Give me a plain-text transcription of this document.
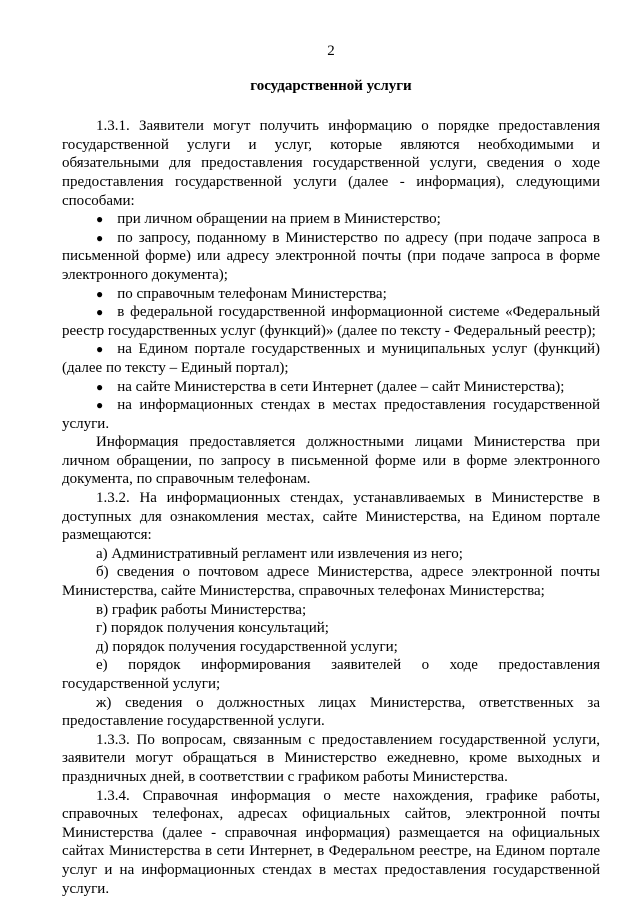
2
государственной услуги

1.3.1. Заявители могут получить информацию о порядке предоставления государственной услуги и услуг, которые являются необходимыми и обязательными для предоставления государственной услуги, сведения о ходе предоставления государственной услуги (далее - информация), следующими способами:

● при личном обращении на прием в Министерство;
● по запросу, поданному в Министерство по адресу (при подаче запроса в письменной форме) или адресу электронной почты (при подаче запроса в форме электронного документа);
● по справочным телефонам Министерства;
● в федеральной государственной информационной системе «Федеральный реестр государственных услуг (функций)» (далее по тексту - Федеральный реестр);
● на Едином портале государственных и муниципальных услуг (функций) (далее по тексту – Единый портал);
● на сайте Министерства в сети Интернет (далее – сайт Министерства);
● на информационных стендах в местах предоставления государственной услуги.

Информация предоставляется должностными лицами Министерства при личном обращении, по запросу в письменной форме или в форме электронного документа, по справочным телефонам.

1.3.2. На информационных стендах, устанавливаемых в Министерстве в доступных для ознакомления местах, сайте Министерства, на Едином портале размещаются:

а) Административный регламент или извлечения из него;
б) сведения о почтовом адресе Министерства, адресе электронной почты Министерства, сайте Министерства, справочных телефонах Министерства;
в) график работы Министерства;
г) порядок получения консультаций;
д) порядок получения государственной услуги;
е) порядок информирования заявителей о ходе предоставления государственной услуги;
ж) сведения о должностных лицах Министерства, ответственных за предоставление государственной услуги.

1.3.3. По вопросам, связанным с предоставлением государственной услуги, заявители могут обращаться в Министерство ежедневно, кроме выходных и праздничных дней, в соответствии с графиком работы Министерства.

1.3.4. Справочная информация о месте нахождения, графике работы, справочных телефонах, адресах официальных сайтов, электронной почты Министерства (далее - справочная информация) размещается на официальных сайтах Министерства в сети Интернет, в Федеральном реестре, на Едином портале услуг и на информационных стендах в местах предоставления государственной услуги.
